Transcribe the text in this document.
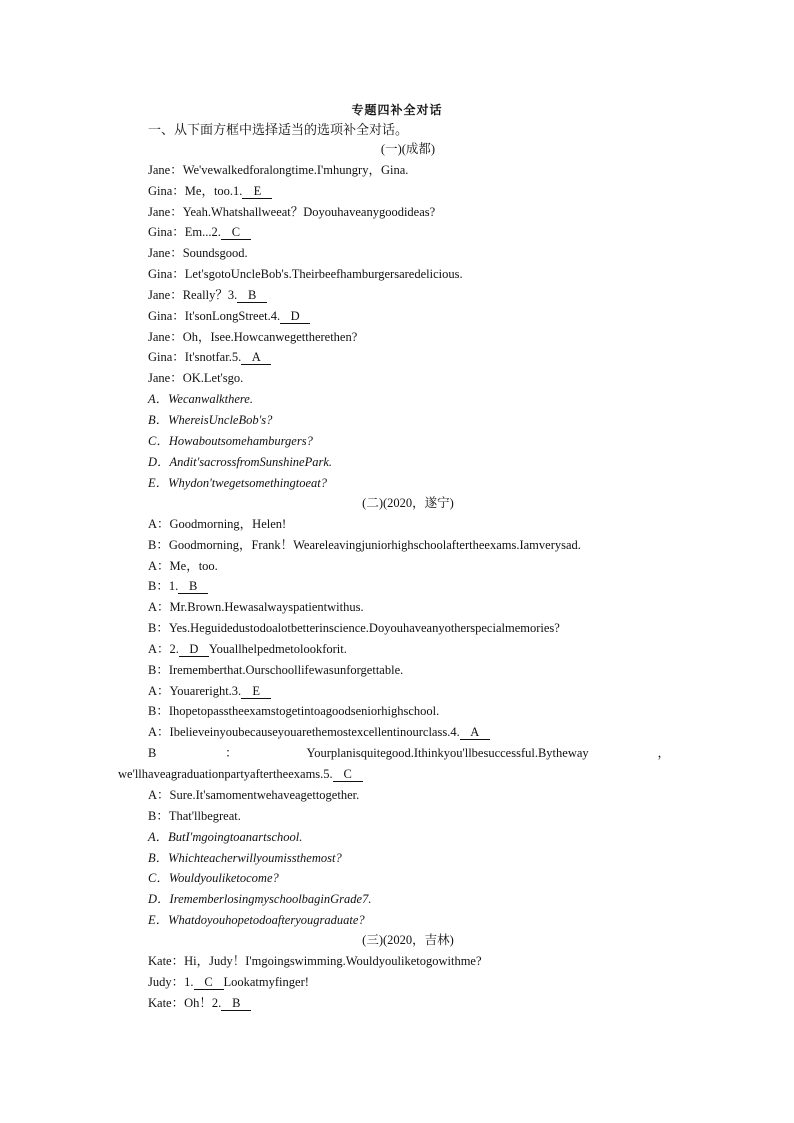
专题四补全对话
一、从下面方框中选择适当的选项补全对话。
(一)(成都)
Jane：We'vewalkedforalongtime.I'mhungry，Gina.
Gina：Me，too.1. E
Jane：Yeah.Whatshallweeat？Doyouhaveanygoodideas?
Gina：Em...2. C
Jane：Soundsgood.
Gina：Let'sgotoUncleBob's.Theirbeefhamburgersaredelicious.
Jane：Really？3. B
Gina：It'sonLongStreet.4. D
Jane：Oh，Isee.Howcanwegettherethen?
Gina：It'snotfar.5. A
Jane：OK.Let'sgo.
A．Wecanwalkthere.
B．WhereisUncleBob's?
C．Howaboutsomehamburgers?
D．Andit'sacrossfromSunshinePark.
E．Whydon'twegetsomethingtoeat?
(二)(2020，遂宁)
A：Goodmorning，Helen!
B：Goodmorning，Frank！Weareleavingjuniorhighschoolaftertheexams.Iamverysad.
A：Me，too.
B：1. B
A：Mr.Brown.Hewasalwayspatientwithus.
B：Yes.Heguidedustodoalotbetterinscience.Doyouhaveanyotherspecialmemories?
A：2. D Youallhelpedmetolookforit.
B：Irememberthat.Ourschoollifewasunforgettable.
A：Youareright.3. E
B：Ihopetopasstheexamstogetintoagoodseniorhighschool.
A：Ibelieveinyoubecauseyouarethemostexcellentinourclass.4. A
B	：	Yourplanisquitegood.Ithinkyou'llbesuccessful.Bytheway	，
we'llhaveagraduationpartyaftertheexams.5. C
A：Sure.It'samomentwehaveagettogether.
B：That'llbegreat.
A．ButI'mgoingtoanartschool.
B．Whichteacherwillyoumissthemost?
C．Wouldyouliketocome?
D．IrememberlosingmyschoolbaginGrade7.
E．Whatdoyouhopetodoafteryougraduate?
(三)(2020，吉林)
Kate：Hi，Judy！I'mgoingswimming.Wouldyouliketogowithme?
Judy：1. C Lookatmyfinger!
Kate：Oh！2. B
